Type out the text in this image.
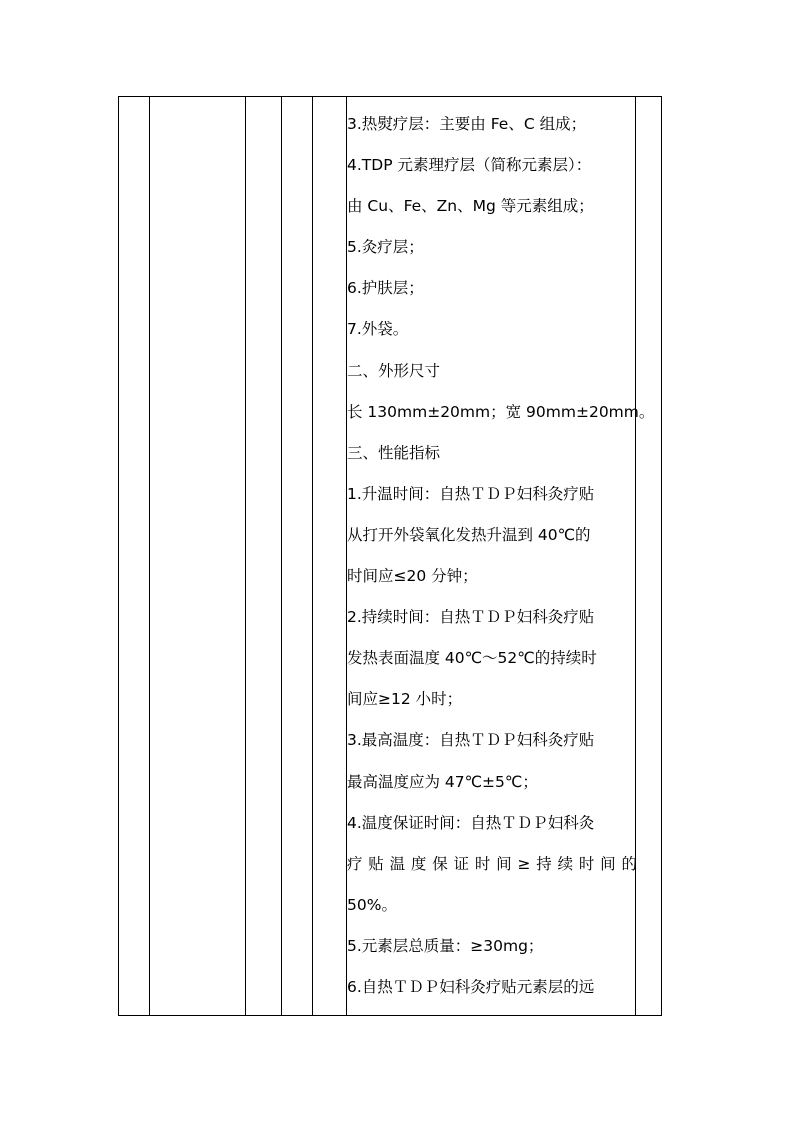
3.热熨疗层：主要由 Fe、C 组成；
4.TDP 元素理疗层（简称元素层）：
由 Cu、Fe、Zn、Mg 等元素组成；
5.灸疗层；
6.护肤层；
7.外袋。
二、外形尺寸
长 130mm±20mm；宽 90mm±20mm。
三、性能指标
1.升温时间：自热ＴＤＰ妇科灸疗贴
从打开外袋氧化发热升温到 40℃的
时间应≤20 分钟；
2.持续时间：自热ＴＤＰ妇科灸疗贴
发热表面温度 40℃～52℃的持续时
间应≥12 小时；
3.最高温度：自热ＴＤＰ妇科灸疗贴
最高温度应为 47℃±5℃；
4.温度保证时间：自热ＴＤＰ妇科灸
疗贴温度保证时间≥持续时间的
50%。
5.元素层总质量：≥30mg；
6.自热ＴＤＰ妇科灸疗贴元素层的远
